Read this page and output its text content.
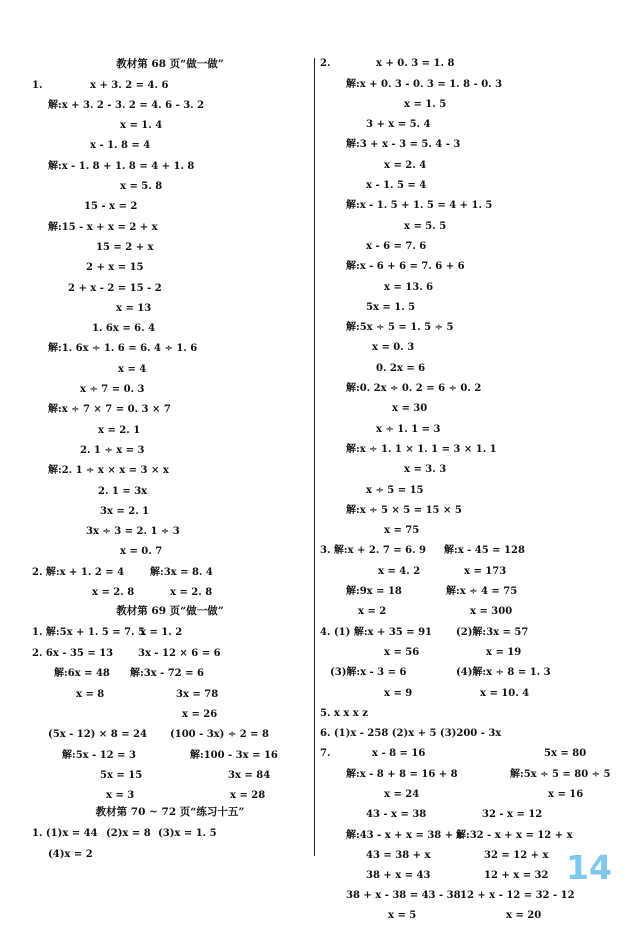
教材第 68 页“做一做”
教材第 69 页“做一做”
教材第 70 ~ 72 页“练习十五”
1.	x + 3. 2 = 4. 6
解:x + 3. 2 - 3. 2 = 4. 6 - 3. 2
x = 1. 4
x - 1. 8 = 4
解:x - 1. 8 + 1. 8 = 4 + 1. 8
x = 5. 8
15 - x = 2
解:15 - x + x = 2 + x
15 = 2 + x
2 + x = 15
2 + x - 2 = 15 - 2
x = 13
1. 6x = 6. 4
解:1. 6x ÷ 1. 6 = 6. 4 ÷ 1. 6
x = 4
x ÷ 7 = 0. 3
解:x ÷ 7 × 7 = 0. 3 × 7
x = 2. 1
2. 1 ÷ x = 3
解:2. 1 ÷ x × x = 3 × x
2. 1 = 3x
3x = 2. 1
3x ÷ 3 = 2. 1 ÷ 3
x = 0. 7
2. 解:x + 1. 2 = 4	解:3x = 8. 4
x = 2. 8	x = 2. 8
1. 解:5x + 1. 5 = 7. 5
x = 1. 2
2. 6x - 35 = 13 3x - 12 × 6 = 6
解:6x = 48 解:3x - 72 = 6
x = 8	3x = 78
x = 26
(5x - 12) × 8 = 24 (100 - 3x) ÷ 2 = 8
解:5x - 12 = 3	解:100 - 3x = 16
5x = 15	3x = 84
x = 3	x = 28
1. (1)x = 44 (2)x = 8 (3)x = 1. 5
(4)x = 2
2.	x + 0. 3 = 1. 8
解:x + 0. 3 - 0. 3 = 1. 8 - 0. 3
x = 1. 5
3 + x = 5. 4
解:3 + x - 3 = 5. 4 - 3
x = 2. 4
x - 1. 5 = 4
解:x - 1. 5 + 1. 5 = 4 + 1. 5
x = 5. 5
x - 6 = 7. 6
解:x - 6 + 6 = 7. 6 + 6
x = 13. 6
5x = 1. 5
解:5x ÷ 5 = 1. 5 ÷ 5
x = 0. 3
0. 2x = 6
解:0. 2x ÷ 0. 2 = 6 ÷ 0. 2
x = 30
x ÷ 1. 1 = 3
解:x ÷ 1. 1 × 1. 1 = 3 × 1. 1
x = 3. 3
x ÷ 5 = 15
解:x ÷ 5 × 5 = 15 × 5
x = 75
3. 解:x + 2. 7 = 6. 9 解:x - 45 = 128
x = 4. 2	x = 173
解:9x = 18	解:x ÷ 4 = 75
x = 2	x = 300
4. (1) 解:x + 35 = 91 (2)解:3x = 57
x = 56	x = 19
(3)解:x - 3 = 6	(4)解:x ÷ 8 = 1. 3
x = 9	x = 10. 4
5. x x x z
6. (1)x - 258 (2)x + 5 (3)200 - 3x
7.	x - 8 = 16	5x = 80
解:x - 8 + 8 = 16 + 8	解:5x ÷ 5 = 80 ÷ 5
x = 24	x = 16
43 - x = 38	32 - x = 12
解:43 - x + x = 38 + x
解:32 - x + x = 12 + x
43 = 38 + x	32 = 12 + x
38 + x = 43	12 + x = 32
38 + x - 38 = 43 - 38 12 + x - 12 = 32 - 12
x = 5	x = 20
14
